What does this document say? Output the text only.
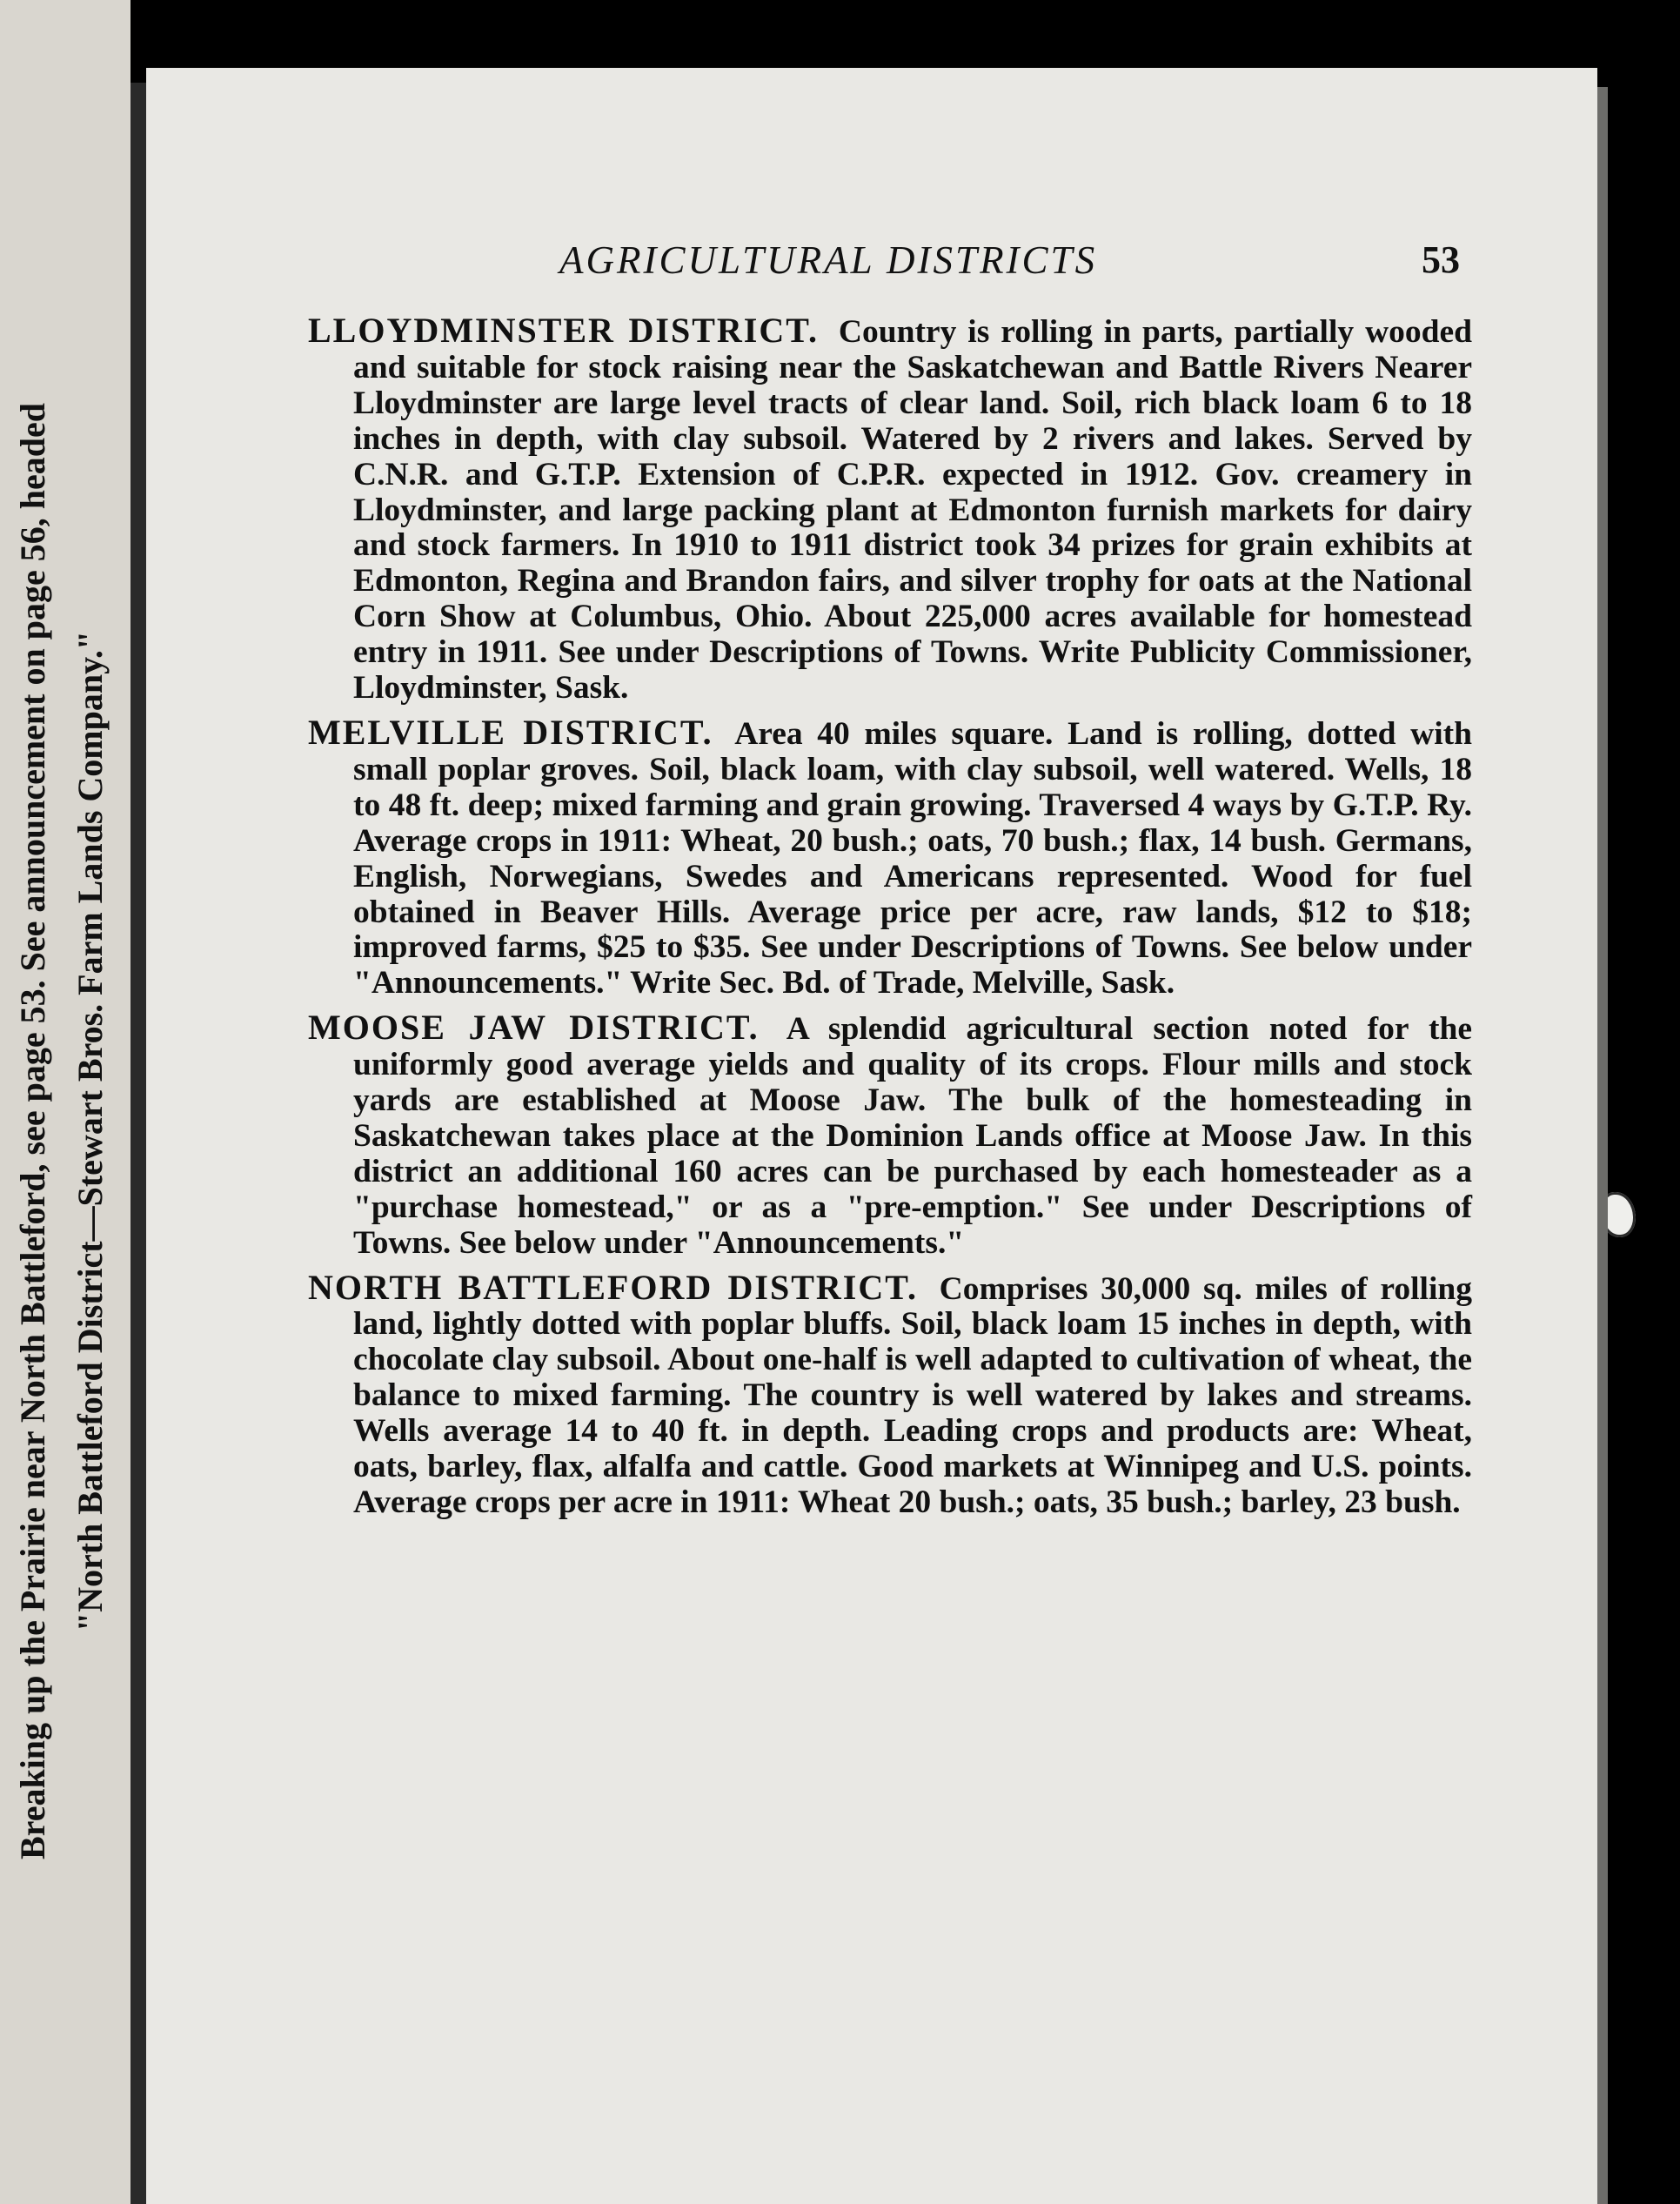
Breaking up the Prairie near North Battleford, see page 53. See announcement on page 56, headed "North Battleford District—Stewart Bros. Farm Lands Company."
AGRICULTURAL DISTRICTS	53

LLOYDMINSTER DISTRICT. Country is rolling in parts, partially wooded and suitable for stock raising near the Saskatchewan and Battle Rivers Nearer Lloydminster are large level tracts of clear land. Soil, rich black loam 6 to 18 inches in depth, with clay subsoil. Watered by 2 rivers and lakes. Served by C.N.R. and G.T.P. Extension of C.P.R. expected in 1912. Gov. creamery in Lloydminster, and large packing plant at Edmonton furnish markets for dairy and stock farmers. In 1910 to 1911 district took 34 prizes for grain exhibits at Edmonton, Regina and Brandon fairs, and silver trophy for oats at the National Corn Show at Columbus, Ohio. About 225,000 acres available for homestead entry in 1911. See under Descriptions of Towns. Write Publicity Commissioner, Lloydminster, Sask.

MELVILLE DISTRICT. Area 40 miles square. Land is rolling, dotted with small poplar groves. Soil, black loam, with clay subsoil, well watered. Wells, 18 to 48 ft. deep; mixed farming and grain growing. Traversed 4 ways by G.T.P. Ry. Average crops in 1911: Wheat, 20 bush.; oats, 70 bush.; flax, 14 bush. Germans, English, Norwegians, Swedes and Americans represented. Wood for fuel obtained in Beaver Hills. Average price per acre, raw lands, $12 to $18; improved farms, $25 to $35. See under Descriptions of Towns. See below under "Announcements." Write Sec. Bd. of Trade, Melville, Sask.

MOOSE JAW DISTRICT. A splendid agricultural section noted for the uniformly good average yields and quality of its crops. Flour mills and stock yards are established at Moose Jaw. The bulk of the homesteading in Saskatchewan takes place at the Dominion Lands office at Moose Jaw. In this district an additional 160 acres can be purchased by each homesteader as a "purchase homestead," or as a "pre-emption." See under Descriptions of Towns. See below under "Announcements."

NORTH BATTLEFORD DISTRICT. Comprises 30,000 sq. miles of rolling land, lightly dotted with poplar bluffs. Soil, black loam 15 inches in depth, with chocolate clay subsoil. About one-half is well adapted to cultivation of wheat, the balance to mixed farming. The country is well watered by lakes and streams. Wells average 14 to 40 ft. in depth. Leading crops and products are: Wheat, oats, barley, flax, alfalfa and cattle. Good markets at Winnipeg and U.S. points. Average crops per acre in 1911: Wheat 20 bush.; oats, 35 bush.; barley, 23 bush.
